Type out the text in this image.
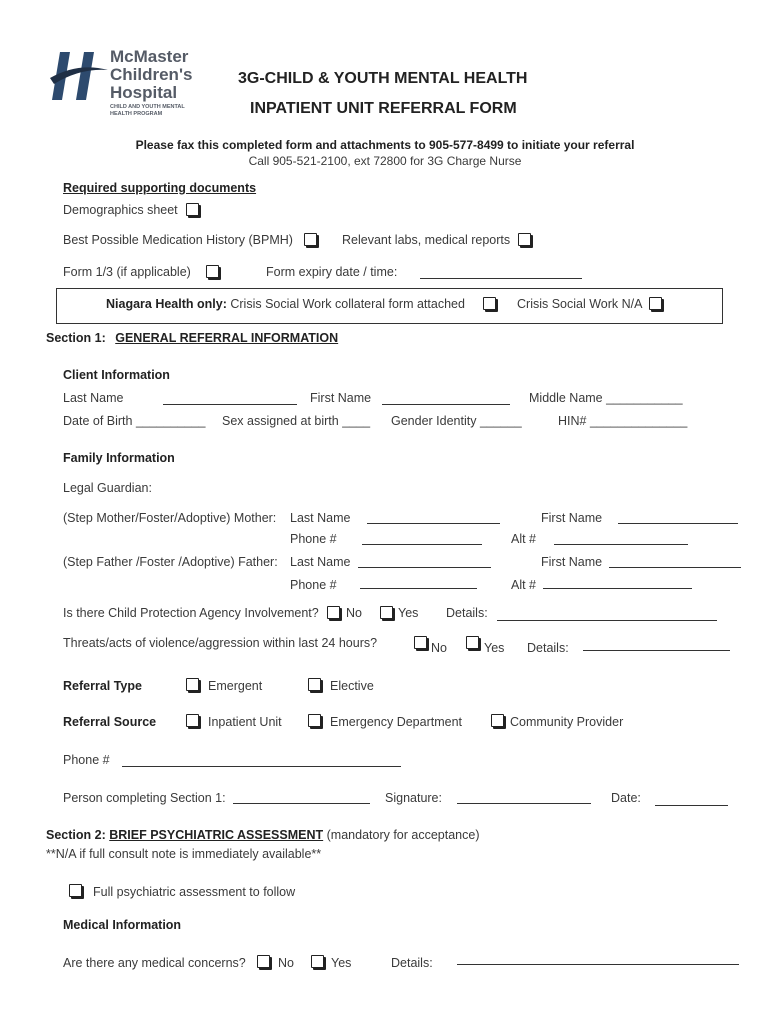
McMaster
Children's
Hospital
CHILD AND YOUTH MENTAL
HEALTH PROGRAM
3G-CHILD & YOUTH MENTAL HEALTH
INPATIENT UNIT REFERRAL FORM
Please fax this completed form and attachments to 905-577-8499 to initiate your referral
Call 905-521-2100, ext 72800 for 3G Charge Nurse
Required supporting documents
Demographics sheet
Best Possible Medication History (BPMH)	Relevant labs, medical reports
Form 1/3 (if applicable)	Form expiry date / time:
Niagara Health only: Crisis Social Work collateral form attached	Crisis Social Work N/A
Section 1: GENERAL REFERRAL INFORMATION
Client Information
Last Name	First Name	Middle Name ___________
Date of Birth __________ Sex assigned at birth ____ Gender Identity ______	HIN# ______________
Family Information
Legal Guardian:
(Step Mother/Foster/Adoptive) Mother: Last Name	First Name
Phone #	Alt #
(Step Father /Foster /Adoptive) Father: Last Name	First Name
Phone #	Alt #
Is there Child Protection Agency Involvement? No	Yes Details:
Threats/acts of violence/aggression within last 24 hours?	No	Yes Details:
Referral Type	Emergent	Elective
Referral Source	Inpatient Unit	Emergency Department	Community Provider
Phone #
Person completing Section 1:	Signature:	Date:
Section 2: BRIEF PSYCHIATRIC ASSESSMENT (mandatory for acceptance)
**N/A if full consult note is immediately available**
Full psychiatric assessment to follow
Medical Information
Are there any medical concerns?	No	Yes	Details:
